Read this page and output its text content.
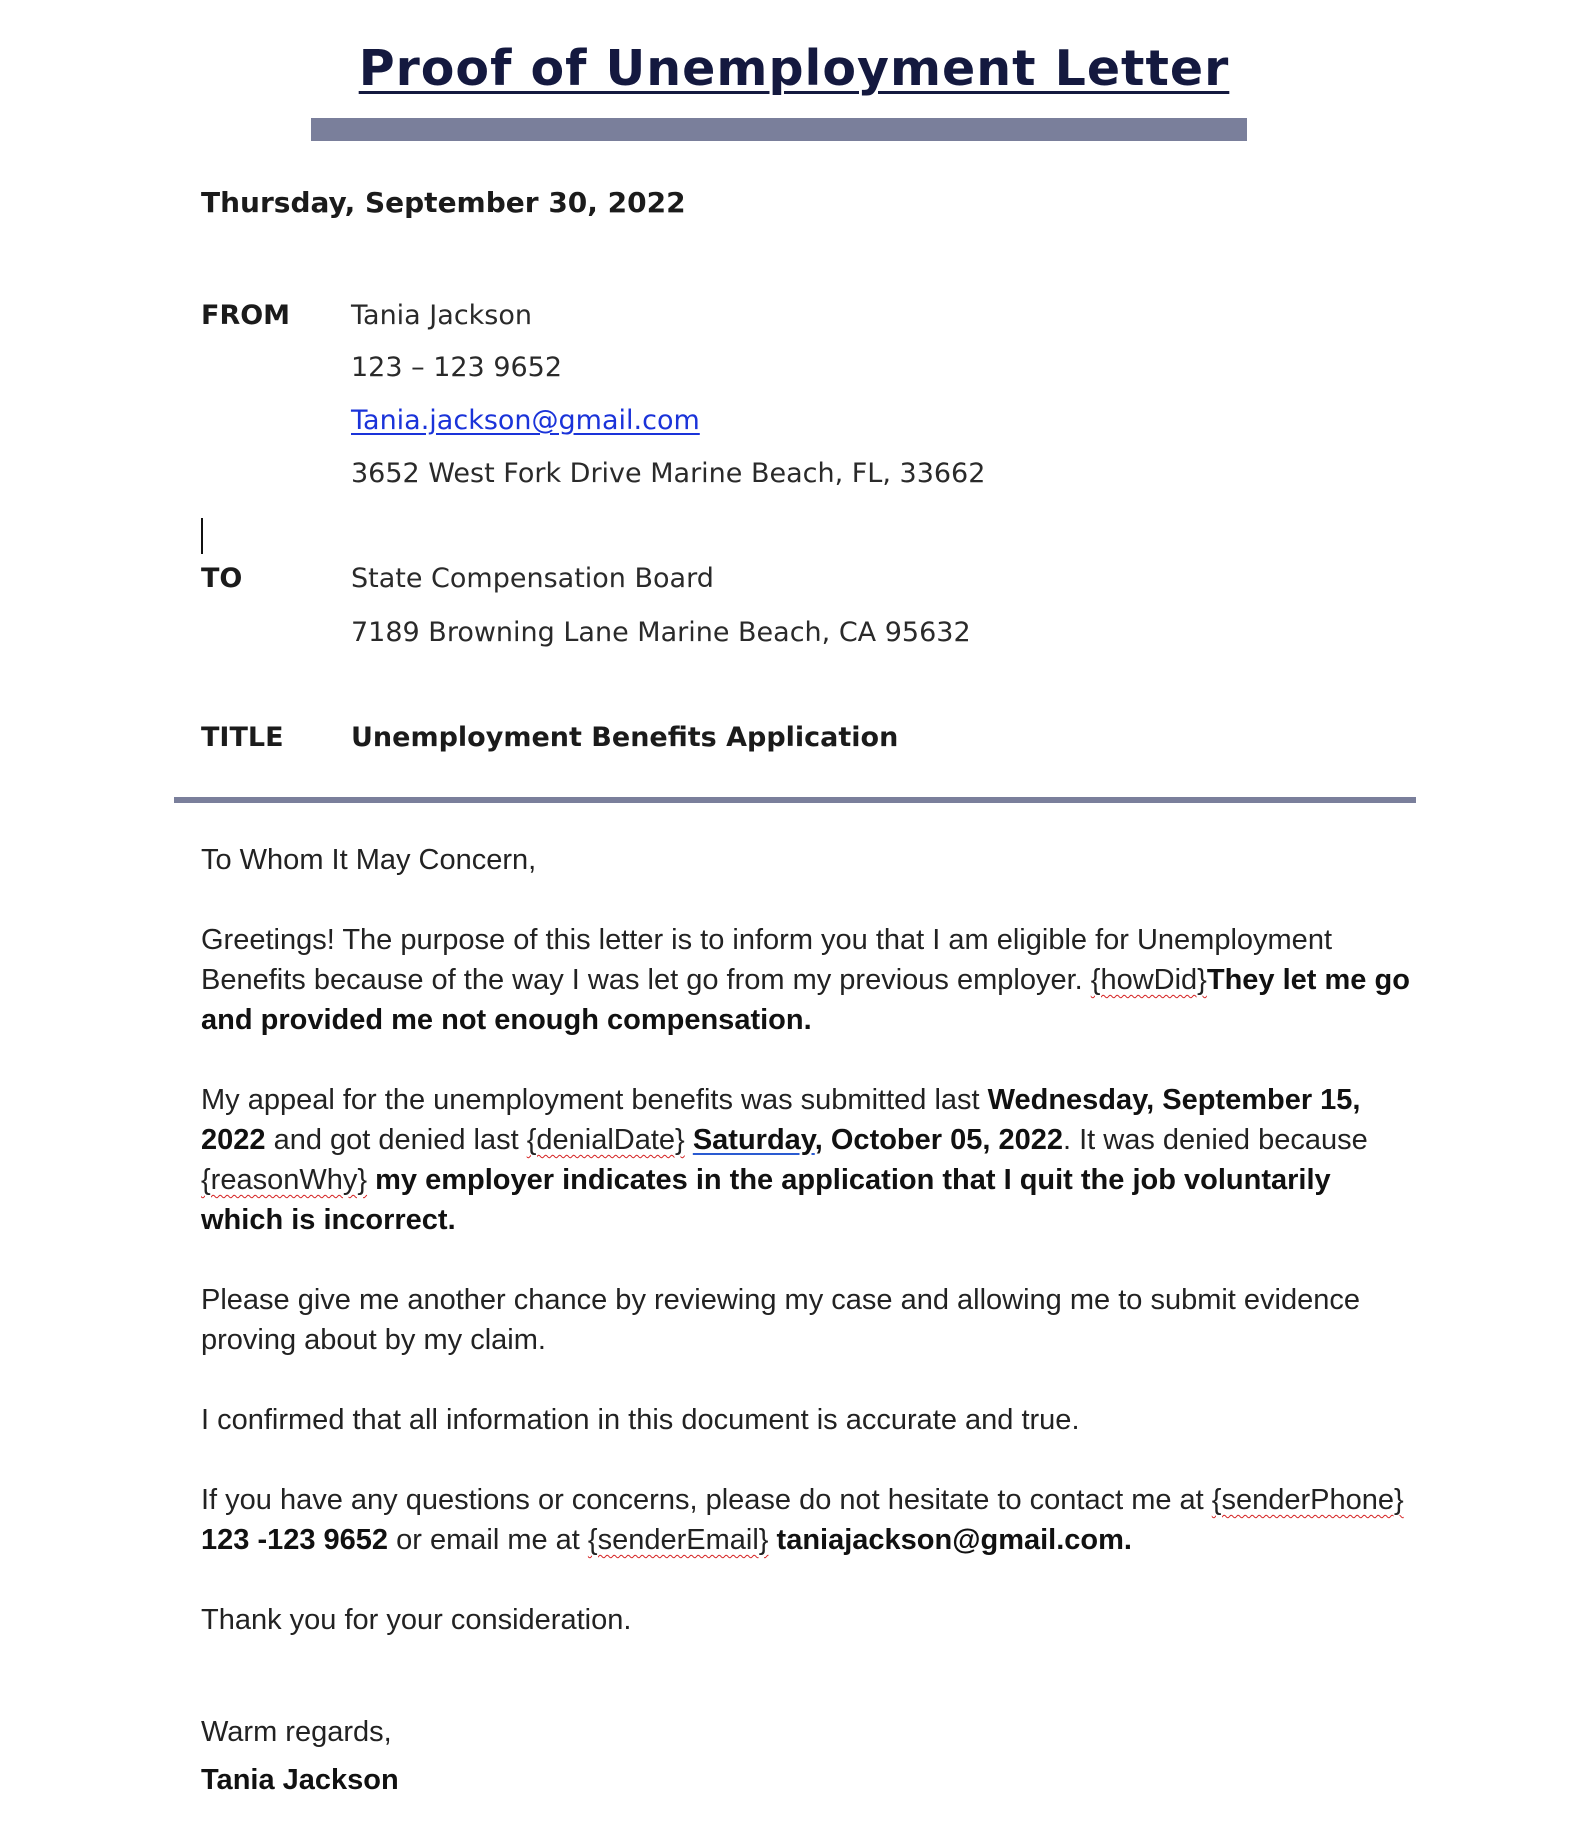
Proof of Unemployment Letter
Thursday, September 30, 2022
FROM Tania Jackson
123 – 123 9652
Tania.jackson@gmail.com
3652 West Fork Drive Marine Beach, FL, 33662
TO	State Compensation Board
7189 Browning Lane Marine Beach, CA 95632
TITLE Unemployment Benefits Application

To Whom It May Concern,

Greetings! The purpose of this letter is to inform you that I am eligible for Unemployment Benefits because of the way I was let go from my previous employer. {howDid}They let me go and provided me not enough compensation.

My appeal for the unemployment benefits was submitted last Wednesday, September 15, 2022 and got denied last {denialDate} Saturday, October 05, 2022. It was denied because {reasonWhy} my employer indicates in the application that I quit the job voluntarily which is incorrect.

Please give me another chance by reviewing my case and allowing me to submit evidence proving about by my claim.

I confirmed that all information in this document is accurate and true.

If you have any questions or concerns, please do not hesitate to contact me at {senderPhone} 123 -123 9652 or email me at {senderEmail} taniajackson@gmail.com.

Thank you for your consideration.

Warm regards,
Tania Jackson
